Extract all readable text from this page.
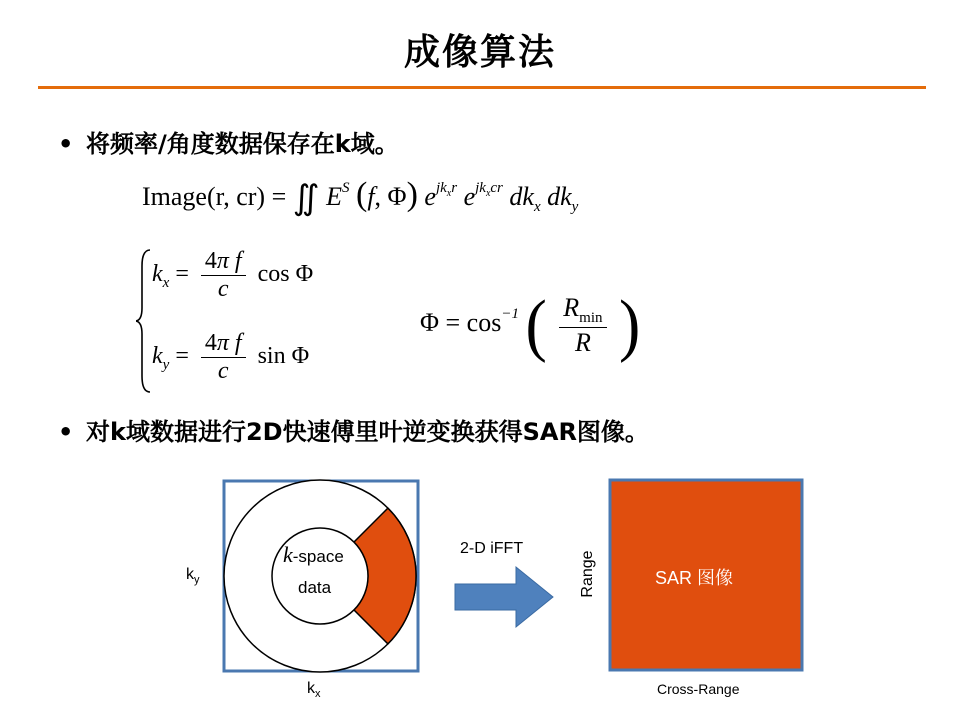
成像算法
• 将频率/角度数据保存在k域。
Image(r, cr) = ∬ $E^S$ (f, Φ) $e^{jk_xr}$ $e^{jk_xcr}$ $dk_x$ $dk_y$
$k_x = \frac{\text{4π f}}{c}$ cos Φ
$k_y = \frac{\text{4π f}}{c}$ sin Φ
$\Phi = \cos^{-1}$ ( $\frac{R_{min}}{R}$ )
• 对k域数据进行2D快速傅里叶逆变换获得SAR图像。
k-space
data
$k_y$
$k_x$
2-D iFFT
SAR 图像
Range
Cross-Range
